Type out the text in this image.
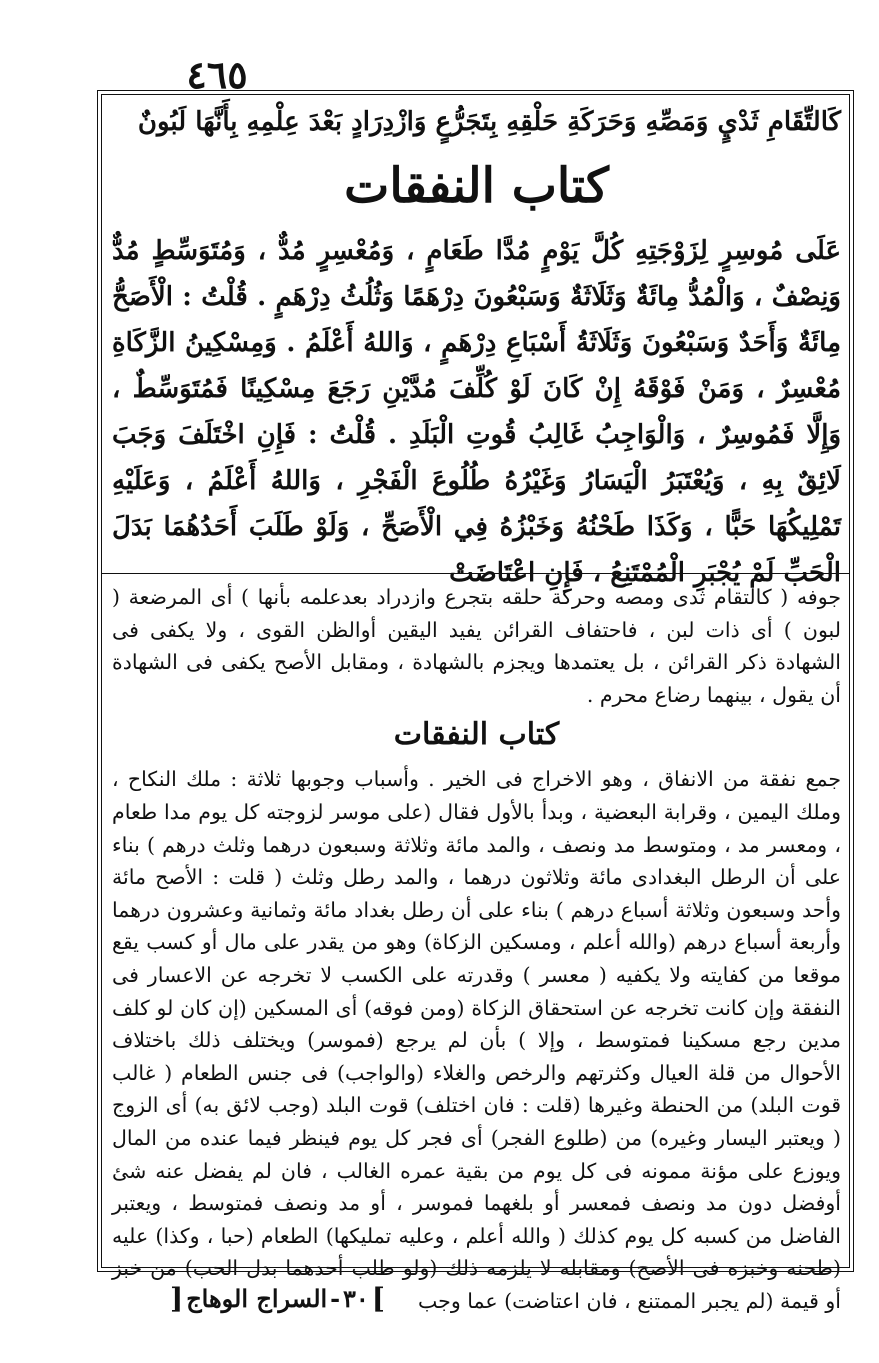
٤٦٥

كَالتِّقَامِ ثَدْيٍ وَمَصِّهِ وَحَرَكَةِ حَلْقِهِ بِتَجَرُّعٍ وَازْدِرَادٍ بَعْدَ عِلْمِهِ بِأَنَّهَا لَبُونٌ

كتاب النفقات

عَلَى مُوسِرٍ لِزَوْجَتِهِ كُلَّ يَوْمٍ مُدَّا طَعَامٍ ، وَمُعْسِرٍ مُدٌّ ، وَمُتَوَسِّطٍ مُدٌّ وَنِصْفٌ ، وَالْمُدُّ مِائَةٌ وَثَلَاثَةٌ وَسَبْعُونَ دِرْهَمًا وَثُلُثُ دِرْهَمٍ . قُلْتُ : الْأَصَحُّ مِائَةٌ وَأَحَدٌ وَسَبْعُونَ وَثَلَاثَةُ أَسْبَاعِ دِرْهَمٍ ، وَاللهُ أَعْلَمُ . وَمِسْكِينُ الزَّكَاةِ مُعْسِرٌ ، وَمَنْ فَوْقَهُ إِنْ كَانَ لَوْ كُلِّفَ مُدَّيْنِ رَجَعَ مِسْكِينًا فَمُتَوَسِّطٌ ، وَإِلَّا فَمُوسِرٌ ، وَالْوَاجِبُ غَالِبُ قُوتِ الْبَلَدِ . قُلْتُ : فَإِنِ اخْتَلَفَ وَجَبَ لَائِقٌ بِهِ ، وَيُعْتَبَرُ الْيَسَارُ وَغَيْرُهُ طُلُوعَ الْفَجْرِ ، وَاللهُ أَعْلَمُ ، وَعَلَيْهِ تَمْلِيكُهَا حَبًّا ، وَكَذَا طَحْنُهُ وَخَبْزُهُ فِي الْأَصَحِّ ، وَلَوْ طَلَبَ أَحَدُهُمَا بَدَلَ الْحَبِّ لَمْ يُجْبَرِ الْمُمْتَنِعُ ، فَإِنِ اعْتَاضَتْ

جوفه ( كالتقام ثدى ومصه وحركة حلقه بتجرع وازدراد بعدعلمه بأنها ) أى المرضعة ( لبون ) أى ذات لبن ، فاحتفاف القرائن يفيد اليقين أوالظن القوى ، ولا يكفى فى الشهادة ذكر القرائن ، بل يعتمدها ويجزم بالشهادة ، ومقابل الأصح يكفى فى الشهادة أن يقول ، بينهما رضاع محرم .

كتاب النفقات

جمع نفقة من الانفاق ، وهو الاخراج فى الخير . وأسباب وجوبها ثلاثة : ملك النكاح ، وملك اليمين ، وقرابة البعضية ، وبدأ بالأول فقال (على موسر لزوجته كل يوم مدا طعام ، ومعسر مد ، ومتوسط مد ونصف ، والمد مائة وثلاثة وسبعون درهما وثلث درهم ) بناء على أن الرطل البغدادى مائة وثلاثون درهما ، والمد رطل وثلث ( قلت : الأصح مائة وأحد وسبعون وثلاثة أسباع درهم ) بناء على أن رطل بغداد مائة وثمانية وعشرون درهما وأربعة أسباع درهم (والله أعلم ، ومسكين الزكاة) وهو من يقدر على مال أو كسب يقع موقعا من كفايته ولا يكفيه ( معسر ) وقدرته على الكسب لا تخرجه عن الاعسار فى النفقة وإن كانت تخرجه عن استحقاق الزكاة (ومن فوقه) أى المسكين (إن كان لو كلف مدين رجع مسكينا فمتوسط ، وإلا ) بأن لم يرجع (فموسر) ويختلف ذلك باختلاف الأحوال من قلة العيال وكثرتهم والرخص والغلاء (والواجب) فى جنس الطعام ( غالب قوت البلد) من الحنطة وغيرها (قلت : فان اختلف) قوت البلد (وجب لائق به) أى الزوج ( ويعتبر اليسار وغيره) من (طلوع الفجر) أى فجر كل يوم فينظر فيما عنده من المال ويوزع على مؤنة ممونه فى كل يوم من بقية عمره الغالب ، فان لم يفضل عنه شئ أوفضل دون مد ونصف فمعسر أو بلغهما فموسر ، أو مد ونصف فمتوسط ، ويعتبر الفاضل من كسبه كل يوم كذلك ( والله أعلم ، وعليه تمليكها) الطعام (حبا ، وكذا) عليه (طحنه وخبزه فى الأصح) ومقابله لا يلزمه ذلك (ولو طلب أحدهما بدل الحب) من خبز أو قيمة (لم يجبر الممتنع ، فان اعتاضت) عما وجب

]
٣٠
-
السراج الوهاج
[
